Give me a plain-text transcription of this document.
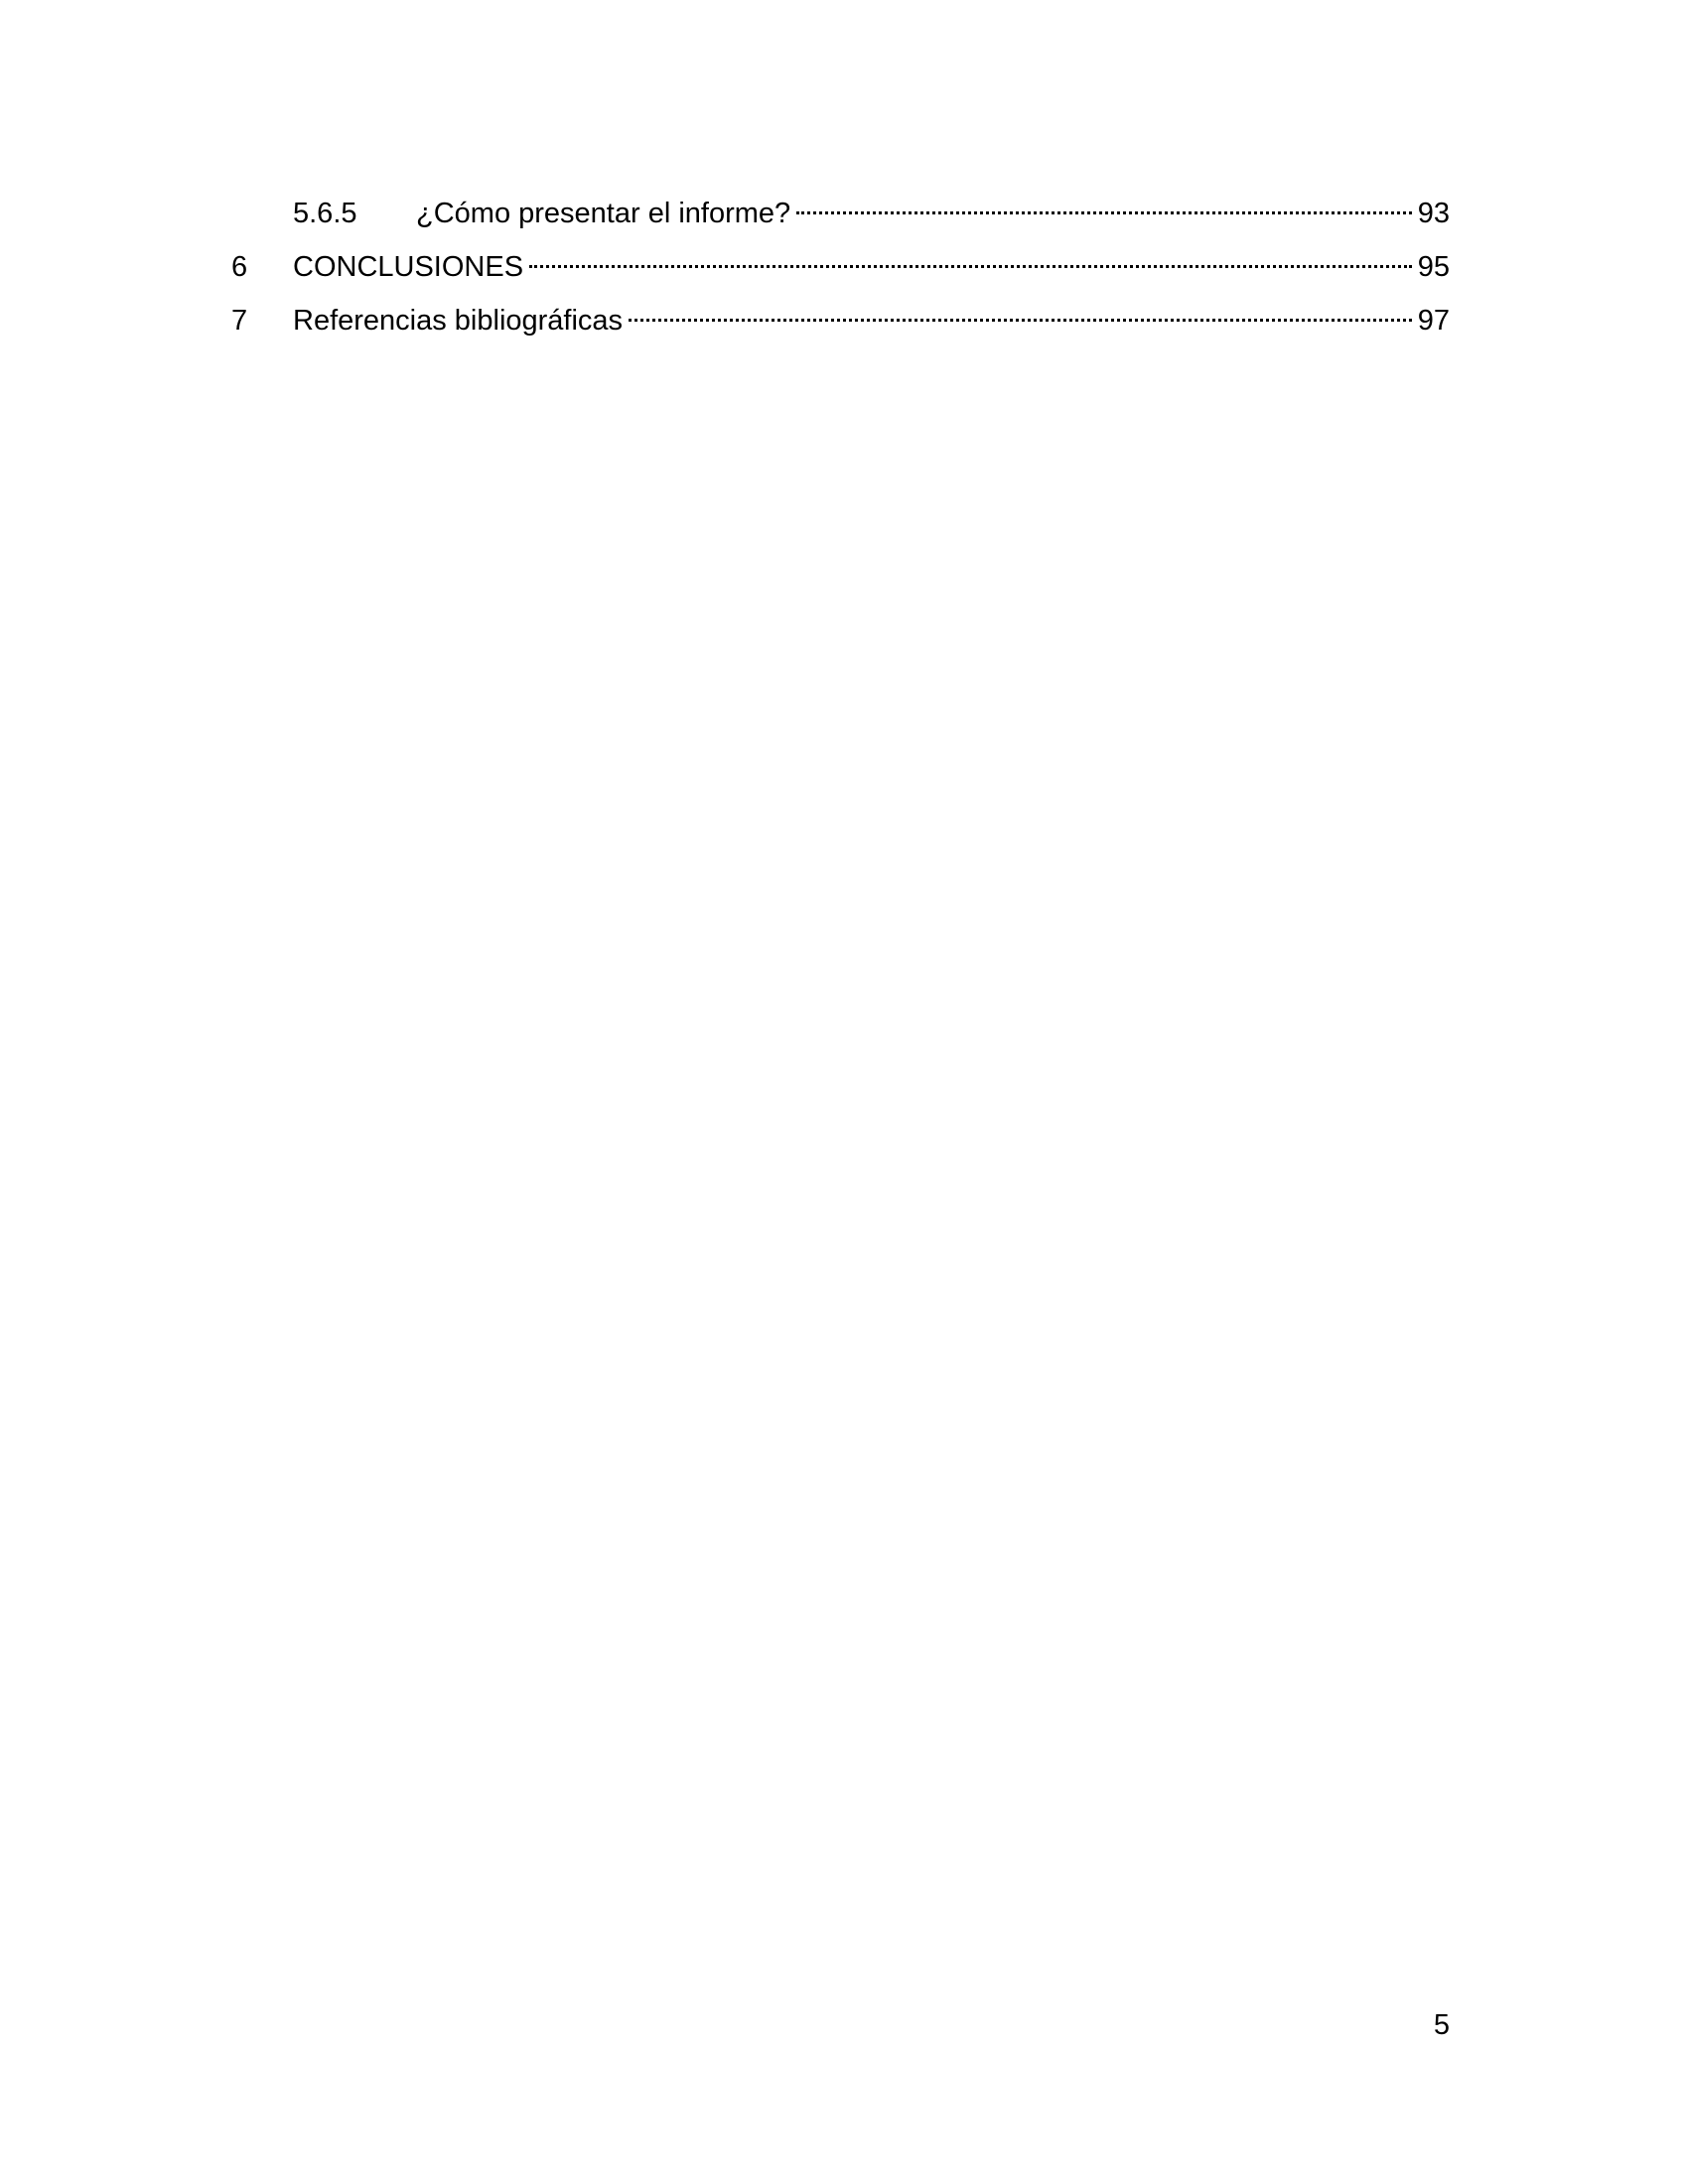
5.6.5 ¿Cómo presentar el informe?	93
6 CONCLUSIONES	95
7 Referencias bibliográficas	97
5
